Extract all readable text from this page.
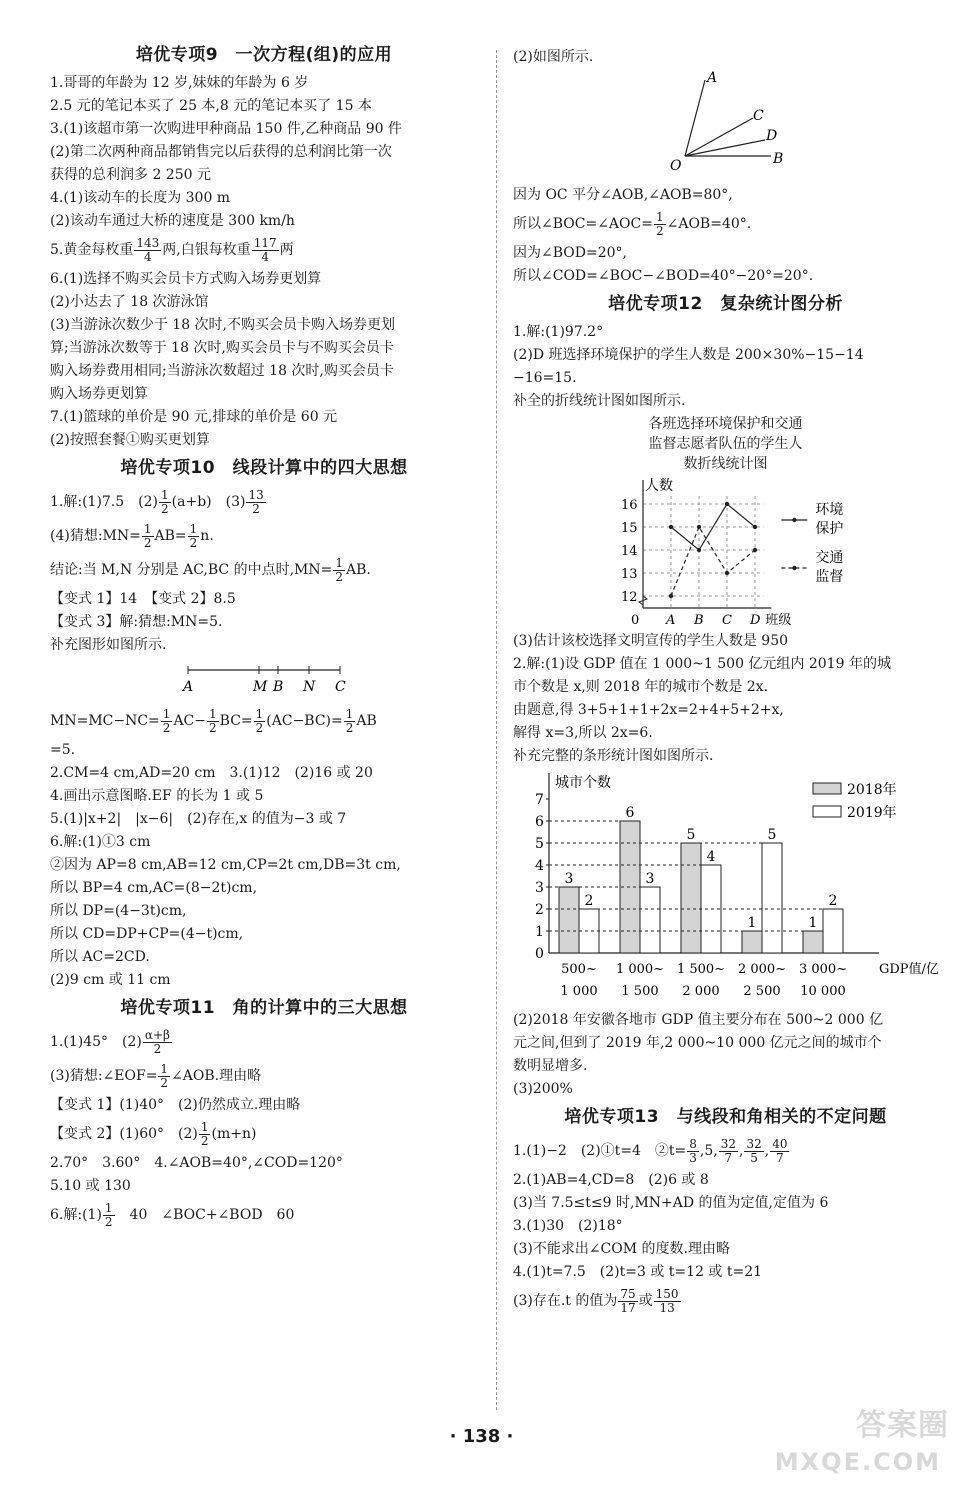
培优专项9　一次方程(组)的应用
1.哥哥的年龄为 12 岁,妹妹的年龄为 6 岁
2.5 元的笔记本买了 25 本,8 元的笔记本买了 15 本
3.(1)该超市第一次购进甲种商品 150 件,乙种商品 90 件
(2)第二次两种商品都销售完以后获得的总利润比第一次
获得的总利润多 2 250 元
4.(1)该动车的长度为 300 m
(2)该动车通过大桥的速度是 300 km/h
5.黄金每枚重 $\frac{143}{4}$ 两,白银每枚重 $\frac{117}{4}$ 两
6.(1)选择不购买会员卡方式购入场券更划算
(2)小达去了 18 次游泳馆
(3)当游泳次数少于 18 次时,不购买会员卡购入场券更划
算;当游泳次数等于 18 次时,购买会员卡与不购买会员卡
购入场券费用相同;当游泳次数超过 18 次时,购买会员卡
购入场券更划算
7.(1)篮球的单价是 90 元,排球的单价是 60 元
(2)按照套餐①购买更划算
培优专项10　线段计算中的四大思想
1.解:(1)7.5　$(2) \frac{1}{2} (a+b)$　$(3) \frac{13}{2}$
(4)猜想:MN= $\frac{1}{2} AB= \frac{1}{2} n$.
结论:当 M,N 分别是 AC,BC 的中点时$,MN= \frac{1}{2}$ AB.
【变式 1】14　【变式 2】8.5
【变式 3】解:猜想:MN=5.
补充图形如图所示.
A	M B N C
$MN=MC-NC= \frac{1}{2} AC- \frac{1}{2} BC= \frac{1}{2} (AC-BC)= \frac{1}{2}$ AB
=5.
2.CM=4 cm,AD=20 cm　3.(1)12　(2)16 或 20
4.画出示意图略.EF 的长为 1 或 5
5.(1)|x+2|　|x−6|　(2)存在,x 的值为−3 或 7
6.解:(1)①3 cm
②因为 AP=8 cm,AB=12 cm,CP=2t cm,DB=3t cm,
所以 BP=4 cm,AC=(8−2t)cm,
所以 DP=(4−3t)cm,
所以 CD=DP+CP=(4−t)cm,
所以 AC=2CD.
(2)9 cm 或 11 cm
培优专项11　角的计算中的三大思想
1.(1)45°　$(2) \frac{\alpha+\beta}{2}$
(3)猜想:∠EOF= $\frac{1}{2}$ ∠AOB.理由略
【变式 1】(1)40°　(2)仍然成立.理由略
【变式 2】(1)60°　$(2) \frac{1}{2} (m+n)$
2.70°　3.60°　4.∠AOB=40°,∠COD=120°
5.10 或 130
6.解:(1) $\frac{1}{2}$ 　40　∠BOC+∠BOD　60
(2)如图所示.
A
C
D
O	B
因为 OC 平分∠AOB,∠AOB=80°,
所以∠BOC=∠AOC= $\frac{1}{2}$ ∠AOB=40°.
因为∠BOD=20°,
所以∠COD=∠BOC−∠BOD=40°−20°=20°.
培优专项12　复杂统计图分析
1.解:(1)97.2°
(2)D 班选择环境保护的学生人数是 200×30%−15−14
−16=15.
补全的折线统计图如图所示.
各班选择环境保护和交通
监督志愿者队伍的学生人
数折线统计图
人数
0
12
13
14
15
16
A B C D 班级
环境
保护
交通
监督
(3)估计该校选择文明宣传的学生人数是 950
2.解:(1)设 GDP 值在 1 000~1 500 亿元组内 2019 年的城
市个数是 x,则 2018 年的城市个数是 2x.
由题意,得 3+5+1+1+2x=2+4+5+2+x,
解得 x=3,所以 2x=6.
补充完整的条形统计图如图所示.
城市个数
0
1
2
3
4
5
6
7
2018年
2019年
3
2
500~
1 000
6
3
1 000~
1 500
5
4
1 500~
2 000
1
5
2 000~
2 500
1
2
3 000~
10 000
GDP值/亿
(2)2018 年安徽各地市 GDP 值主要分布在 500~2 000 亿
元之间,但到了 2019 年,2 000~10 000 亿元之间的城市个
数明显增多.
(3)200%
培优专项13　与线段和角相关的不定问题
1.(1)−2　(2)①t=4　②t= $\frac{8}{3} ,5$, $\frac{32}{7}$ , $\frac{32}{5}$ , $\frac{40}{7}$
2.(1)AB=4,CD=8　(2)6 或 8
(3)当 7.5≤t≤9 时,MN+AD 的值为定值,定值为 6
3.(1)30　(2)18°
(3)不能求出∠COM 的度数.理由略
4.(1)t=7.5　(2)t=3 或 t=12 或 t=21
(3)存在.t 的值为 $\frac{75}{17}$ 或 $\frac{150}{13}$
· 138 ·	答案圈
MXQE.COM
